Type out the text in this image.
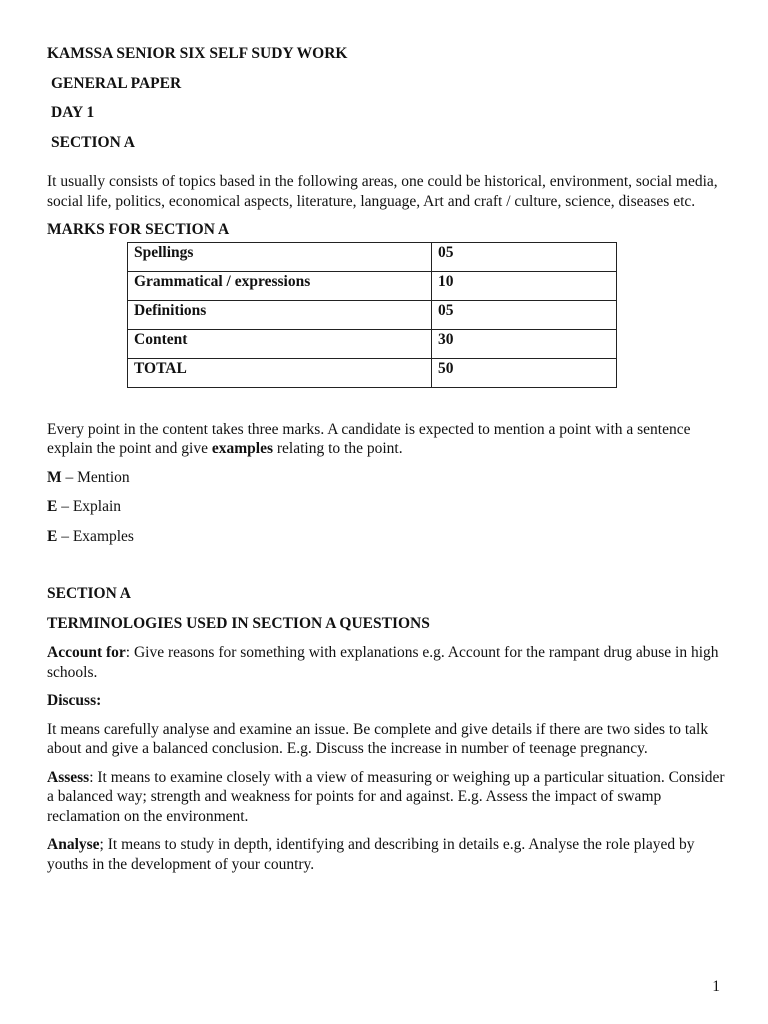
KAMSSA SENIOR SIX SELF SUDY WORK

GENERAL PAPER

DAY 1

SECTION A

It usually consists of topics based in the following areas, one could be historical, environment, social media, social life, politics, economical aspects, literature, language, Art and craft / culture, science, diseases etc.

MARKS FOR SECTION A

Spellings	05
Grammatical / expressions	10
Definitions	05
Content	30
TOTAL	50

Every point in the content takes three marks. A candidate is expected to mention a point with a sentence explain the point and give examples relating to the point.

M – Mention

E – Explain

E – Examples

SECTION A

TERMINOLOGIES USED IN SECTION A QUESTIONS

Account for: Give reasons for something with explanations e.g. Account for the rampant drug abuse in high schools.

Discuss:

It means carefully analyse and examine an issue. Be complete and give details if there are two sides to talk about and give a balanced conclusion. E.g. Discuss the increase in number of teenage pregnancy.

Assess: It means to examine closely with a view of measuring or weighing up a particular situation. Consider a balanced way; strength and weakness for points for and against. E.g. Assess the impact of swamp reclamation on the environment.

Analyse; It means to study in depth, identifying and describing in details e.g. Analyse the role played by youths in the development of your country.

1
